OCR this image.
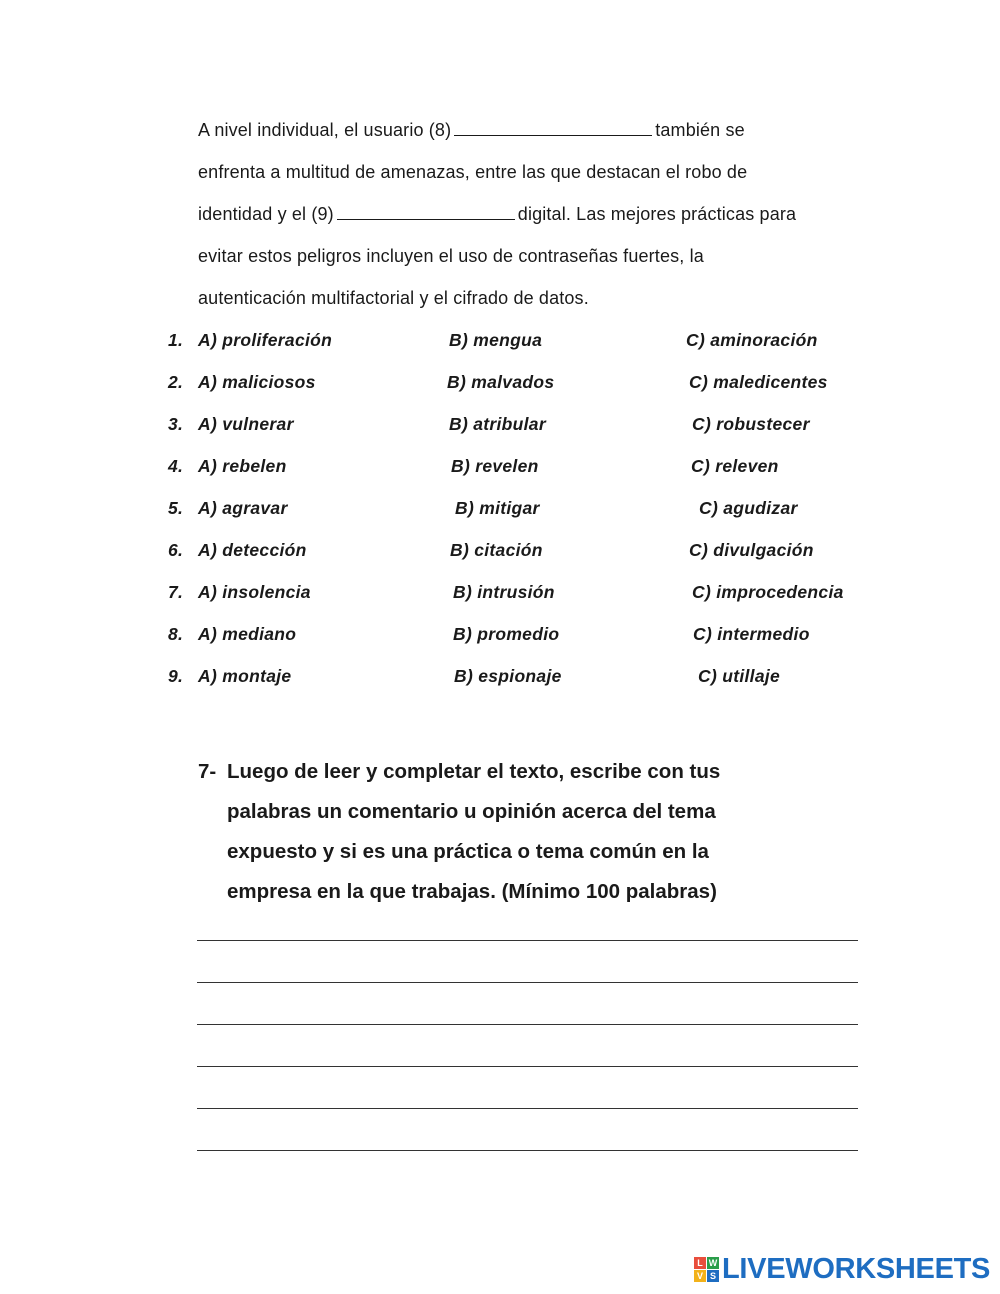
A nivel individual, el usuario (8)	también se
enfrenta a multitud de amenazas, entre las que destacan el robo de
identidad y el (9)	digital. Las mejores prácticas para
evitar estos peligros incluyen el uso de contraseñas fuertes, la
autenticación multifactorial y el cifrado de datos.
1. A) proliferación	B) mengua	C) aminoración
2. A) maliciosos	B) malvados	C) maledicentes
3. A) vulnerar	B) atribular	C) robustecer
4. A) rebelen	B) revelen	C) releven
5. A) agravar	B) mitigar	C) agudizar
6. A) detección	B) citación	C) divulgación
7. A) insolencia	B) intrusión	C) improcedencia
8. A) mediano	B) promedio	C) intermedio
9. A) montaje	B) espionaje	C) utillaje
7- Luego de leer y completar el texto, escribe con tus
palabras un comentario u opinión acerca del tema
expuesto y si es una práctica o tema común en la
empresa en la que trabajas. (Mínimo 100 palabras)
L W
V S LIVEWORKSHEETS
